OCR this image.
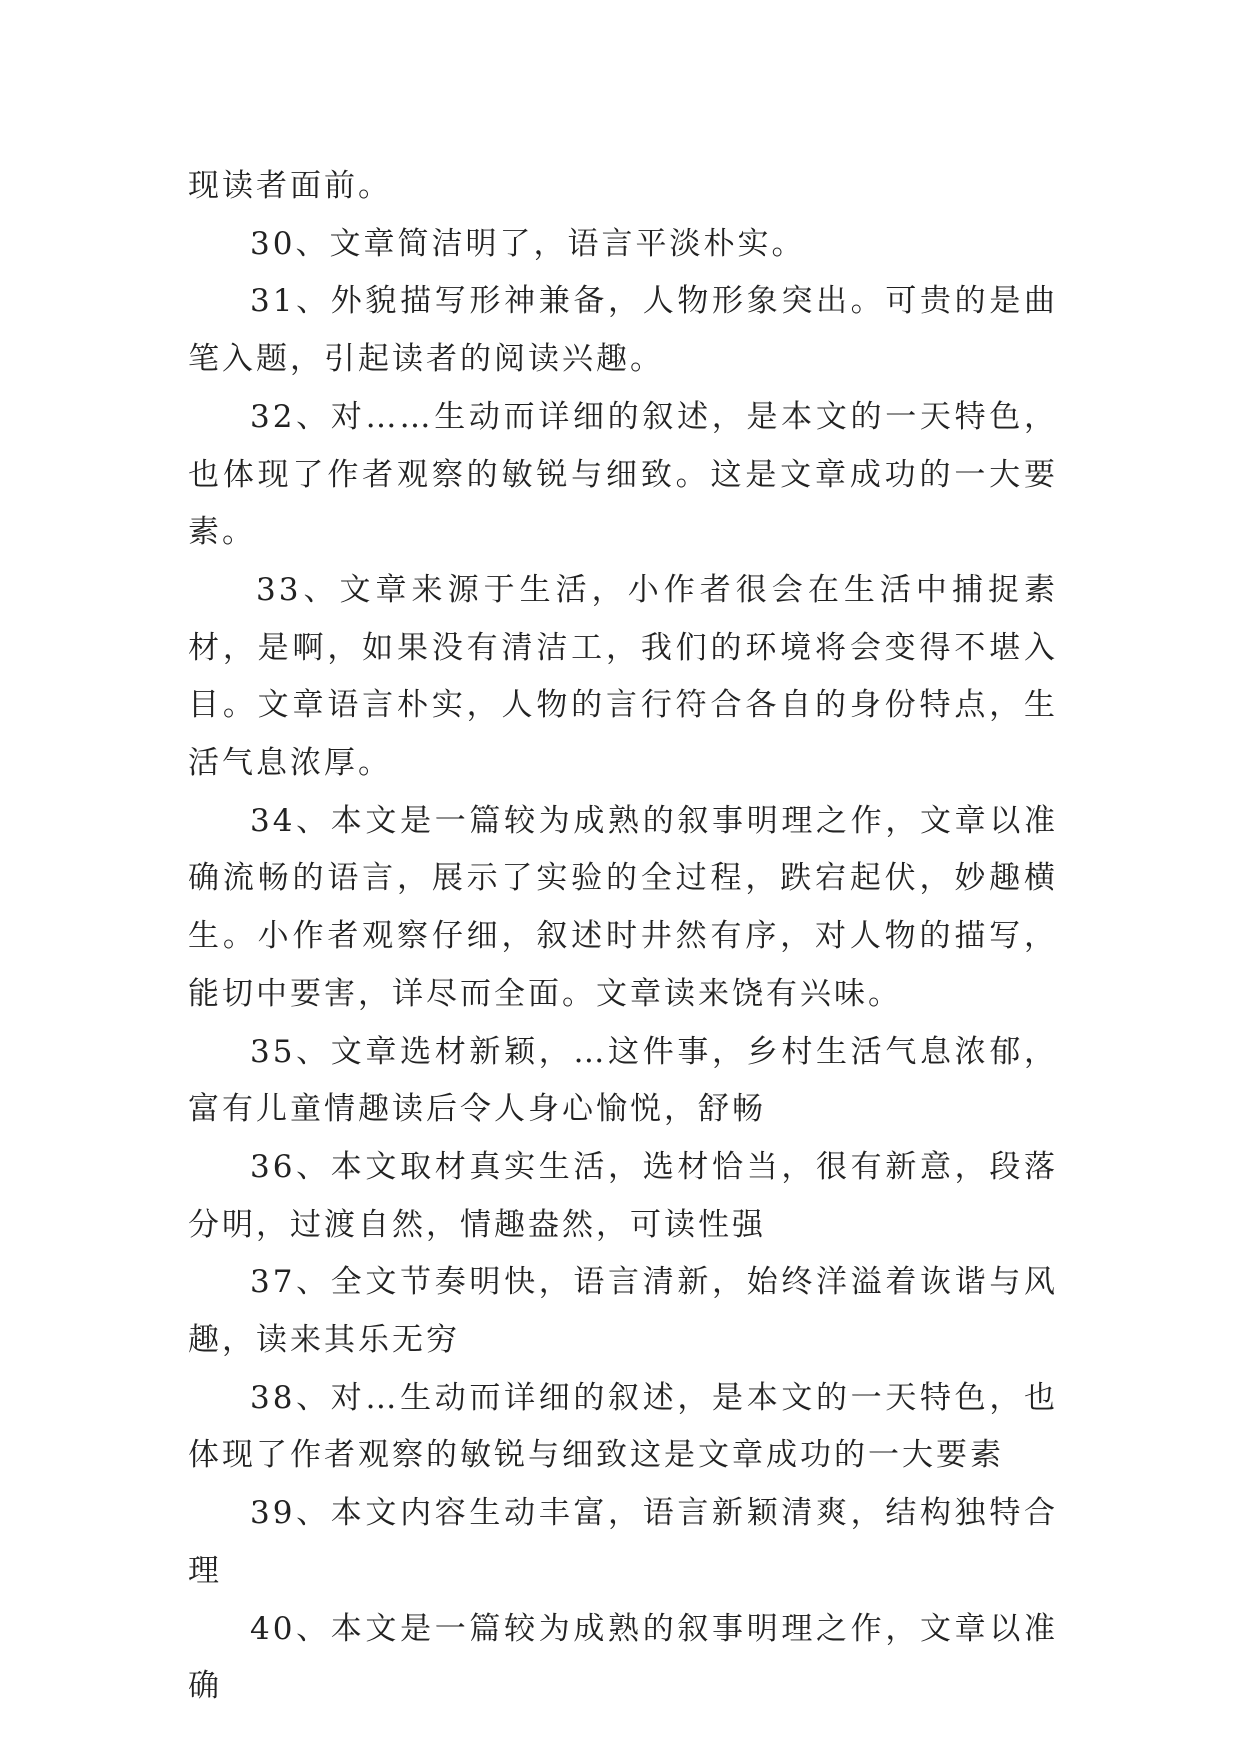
现读者面前。

30、文章简洁明了，语言平淡朴实。

31、外貌描写形神兼备，人物形象突出。可贵的是曲笔入题，引起读者的阅读兴趣。

32、对……生动而详细的叙述，是本文的一天特色，也体现了作者观察的敏锐与细致。这是文章成功的一大要素。

33、文章来源于生活，小作者很会在生活中捕捉素材，是啊，如果没有清洁工，我们的环境将会变得不堪入目。文章语言朴实，人物的言行符合各自的身份特点，生活气息浓厚。

34、本文是一篇较为成熟的叙事明理之作，文章以准确流畅的语言，展示了实验的全过程，跌宕起伏，妙趣横生。小作者观察仔细，叙述时井然有序，对人物的描写，能切中要害，详尽而全面。文章读来饶有兴味。

35、文章选材新颖，…这件事，乡村生活气息浓郁，富有儿童情趣读后令人身心愉悦，舒畅

36、本文取材真实生活，选材恰当，很有新意，段落分明，过渡自然，情趣盎然，可读性强

37、全文节奏明快，语言清新，始终洋溢着诙谐与风趣，读来其乐无穷

38、对…生动而详细的叙述，是本文的一天特色，也体现了作者观察的敏锐与细致这是文章成功的一大要素

39、本文内容生动丰富，语言新颖清爽，结构独特合理

40、本文是一篇较为成熟的叙事明理之作，文章以准确
